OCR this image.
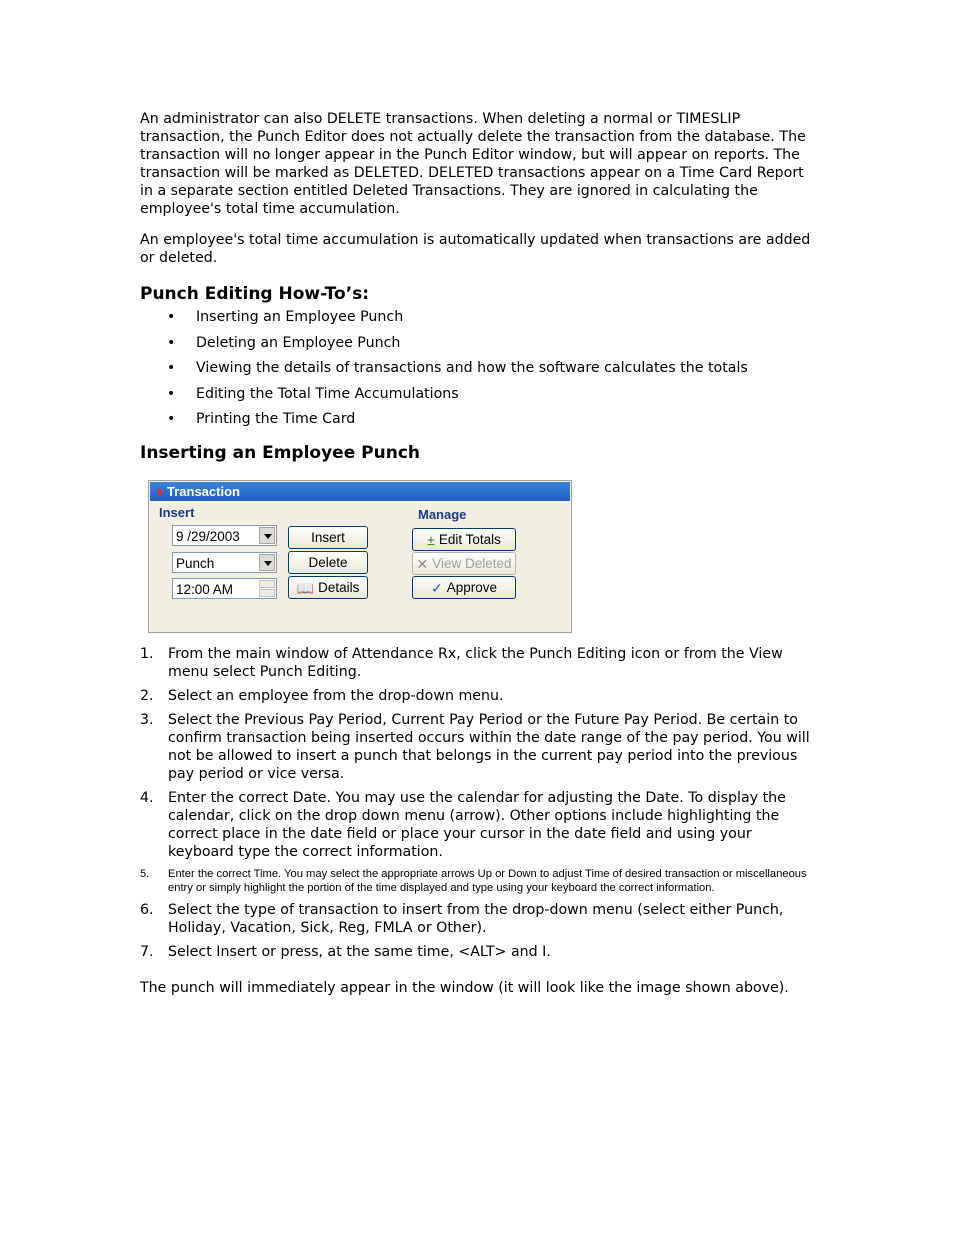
An administrator can also DELETE transactions. When deleting a normal or TIMESLIP transaction, the Punch Editor does not actually delete the transaction from the database. The transaction will no longer appear in the Punch Editor window, but will appear on reports. The transaction will be marked as DELETED. DELETED transactions appear on a Time Card Report in a separate section entitled Deleted Transactions. They are ignored in calculating the employee's total time accumulation.

An employee's total time accumulation is automatically updated when transactions are added or deleted.

Punch Editing How-To’s:
• Inserting an Employee Punch
• Deleting an Employee Punch
• Viewing the details of transactions and how the software calculates the totals
• Editing the Total Time Accumulations
• Printing the Time Card
Inserting an Employee Punch
Transaction
Insert	Manage
9 /29/2003
Punch
12:00 AM
Insert
Delete
📖 Details
± Edit Totals
✕ View Deleted
✓ Approve
1. From the main window of Attendance Rx, click the Punch Editing icon or from the View menu select Punch Editing.
2. Select an employee from the drop-down menu.
3. Select the Previous Pay Period, Current Pay Period or the Future Pay Period. Be certain to confirm transaction being inserted occurs within the date range of the pay period. You will not be allowed to insert a punch that belongs in the current pay period into the previous pay period or vice versa.
4. Enter the correct Date. You may use the calendar for adjusting the Date. To display the calendar, click on the drop down menu (arrow). Other options include highlighting the correct place in the date field or place your cursor in the date field and using your keyboard type the correct information.
5. Enter the correct Time. You may select the appropriate arrows Up or Down to adjust Time of desired transaction or miscellaneous entry or simply highlight the portion of the time displayed and type using your keyboard the correct information.
6. Select the type of transaction to insert from the drop-down menu (select either Punch, Holiday, Vacation, Sick, Reg, FMLA or Other).
7. Select Insert or press, at the same time, <ALT> and I.

The punch will immediately appear in the window (it will look like the image shown above).
